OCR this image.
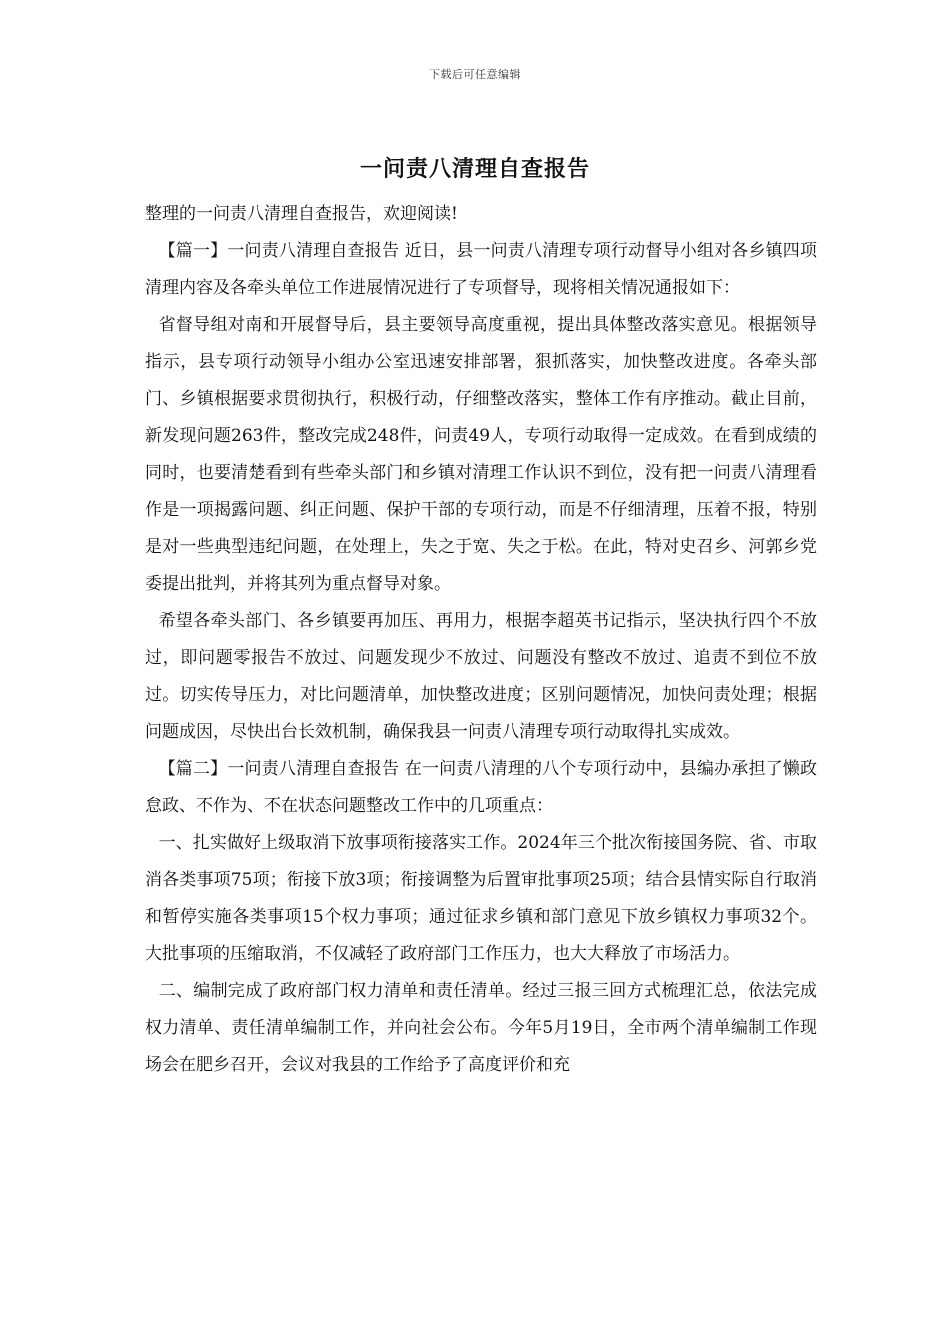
下载后可任意编辑
一问责八清理自查报告

整理的一问责八清理自查报告，欢迎阅读!

【篇一】一问责八清理自查报告 近日，县一问责八清理专项行动督导小组对各乡镇四项清理内容及各牵头单位工作进展情况进行了专项督导，现将相关情况通报如下：

省督导组对南和开展督导后，县主要领导高度重视，提出具体整改落实意见。根据领导指示，县专项行动领导小组办公室迅速安排部署，狠抓落实，加快整改进度。各牵头部门、乡镇根据要求贯彻执行，积极行动，仔细整改落实，整体工作有序推动。截止目前，新发现问题263件，整改完成248件，问责49人，专项行动取得一定成效。在看到成绩的同时，也要清楚看到有些牵头部门和乡镇对清理工作认识不到位，没有把一问责八清理看作是一项揭露问题、纠正问题、保护干部的专项行动，而是不仔细清理，压着不报，特别是对一些典型违纪问题，在处理上，失之于宽、失之于松。在此，特对史召乡、河郭乡党委提出批判，并将其列为重点督导对象。

希望各牵头部门、各乡镇要再加压、再用力，根据李超英书记指示，坚决执行四个不放过，即问题零报告不放过、问题发现少不放过、问题没有整改不放过、追责不到位不放过。切实传导压力，对比问题清单，加快整改进度；区别问题情况，加快问责处理；根据问题成因，尽快出台长效机制，确保我县一问责八清理专项行动取得扎实成效。

【篇二】一问责八清理自查报告 在一问责八清理的八个专项行动中，县编办承担了懒政怠政、不作为、不在状态问题整改工作中的几项重点：

一、扎实做好上级取消下放事项衔接落实工作。2024年三个批次衔接国务院、省、市取消各类事项75项；衔接下放3项；衔接调整为后置审批事项25项；结合县情实际自行取消和暂停实施各类事项15个权力事项；通过征求乡镇和部门意见下放乡镇权力事项32个。大批事项的压缩取消，不仅减轻了政府部门工作压力，也大大释放了市场活力。

二、编制完成了政府部门权力清单和责任清单。经过三报三回方式梳理汇总，依法完成权力清单、责任清单编制工作，并向社会公布。今年5月19日，全市两个清单编制工作现场会在肥乡召开，会议对我县的工作给予了高度评价和充
